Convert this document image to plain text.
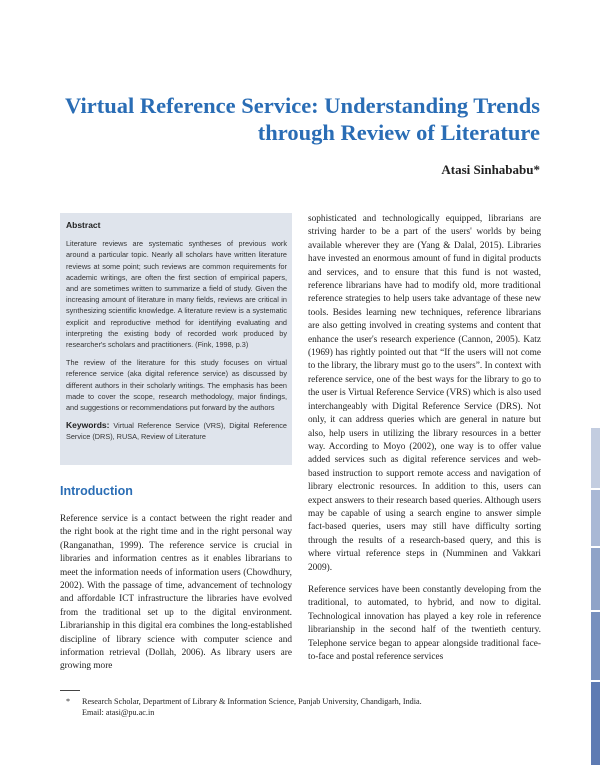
Virtual Reference Service: Understanding Trends
through Review of Literature

Atasi Sinhababu*

Abstract

Literature reviews are systematic syntheses of previous work around a particular topic. Nearly all scholars have written literature reviews at some point; such reviews are common requirements for academic writings, are often the first section of empirical papers, and are sometimes written to summarize a field of study. Given the increasing amount of literature in many fields, reviews are critical in synthesizing scientific knowledge. A literature review is a systematic explicit and reproductive method for identifying evaluating and interpreting the existing body of recorded work produced by researcher's scholars and practitioners. (Fink, 1998, p.3)

The review of the literature for this study focuses on virtual reference service (aka digital reference service) as discussed by different authors in their scholarly writings. The emphasis has been made to cover the scope, research methodology, major findings, and suggestions or recommendations put forward by the authors

Keywords: Virtual Reference Service (VRS), Digital Reference Service (DRS), RUSA, Review of Literature

Introduction

Reference service is a contact between the right reader and the right book at the right time and in the right personal way (Ranganathan, 1999). The reference service is crucial in libraries and information centres as it enables librarians to meet the information needs of information users (Chowdhury, 2002). With the passage of time, advancement of technology and affordable ICT infrastructure the libraries have evolved from the traditional set up to the digital environment. Librarianship in this digital era combines the long-established discipline of library science with computer science and information retrieval (Dollah, 2006). As library users are growing more

sophisticated and technologically equipped, librarians are striving harder to be a part of the users' worlds by being available wherever they are (Yang & Dalal, 2015). Libraries have invested an enormous amount of fund in digital products and services, and to ensure that this fund is not wasted, reference librarians have had to modify old, more traditional reference strategies to help users take advantage of these new tools. Besides learning new techniques, reference librarians are also getting involved in creating systems and content that enhance the user's research experience (Cannon, 2005). Katz (1969) has rightly pointed out that “If the users will not come to the library, the library must go to the users”. In context with reference service, one of the best ways for the library to go to the user is Virtual Reference Service (VRS) which is also used interchangeably with Digital Reference Service (DRS). Not only, it can address queries which are general in nature but also, help users in utilizing the library resources in a better way. According to Moyo (2002), one way is to offer value added services such as digital reference services and web-based instruction to support remote access and navigation of library electronic resources. In addition to this, users can expect answers to their research based queries. Although users may be capable of using a search engine to answer simple fact-based queries, users may still have difficulty sorting through the results of a research-based query, and this is where virtual reference steps in (Numminen and Vakkari 2009).

Reference services have been constantly developing from the traditional, to automated, to hybrid, and now to digital. Technological innovation has played a key role in reference librarianship in the second half of the twentieth century. Telephone service began to appear alongside traditional face-to-face and postal reference services

* Research Scholar, Department of Library & Information Science, Panjab University, Chandigarh, India.
Email: atasi@pu.ac.in
